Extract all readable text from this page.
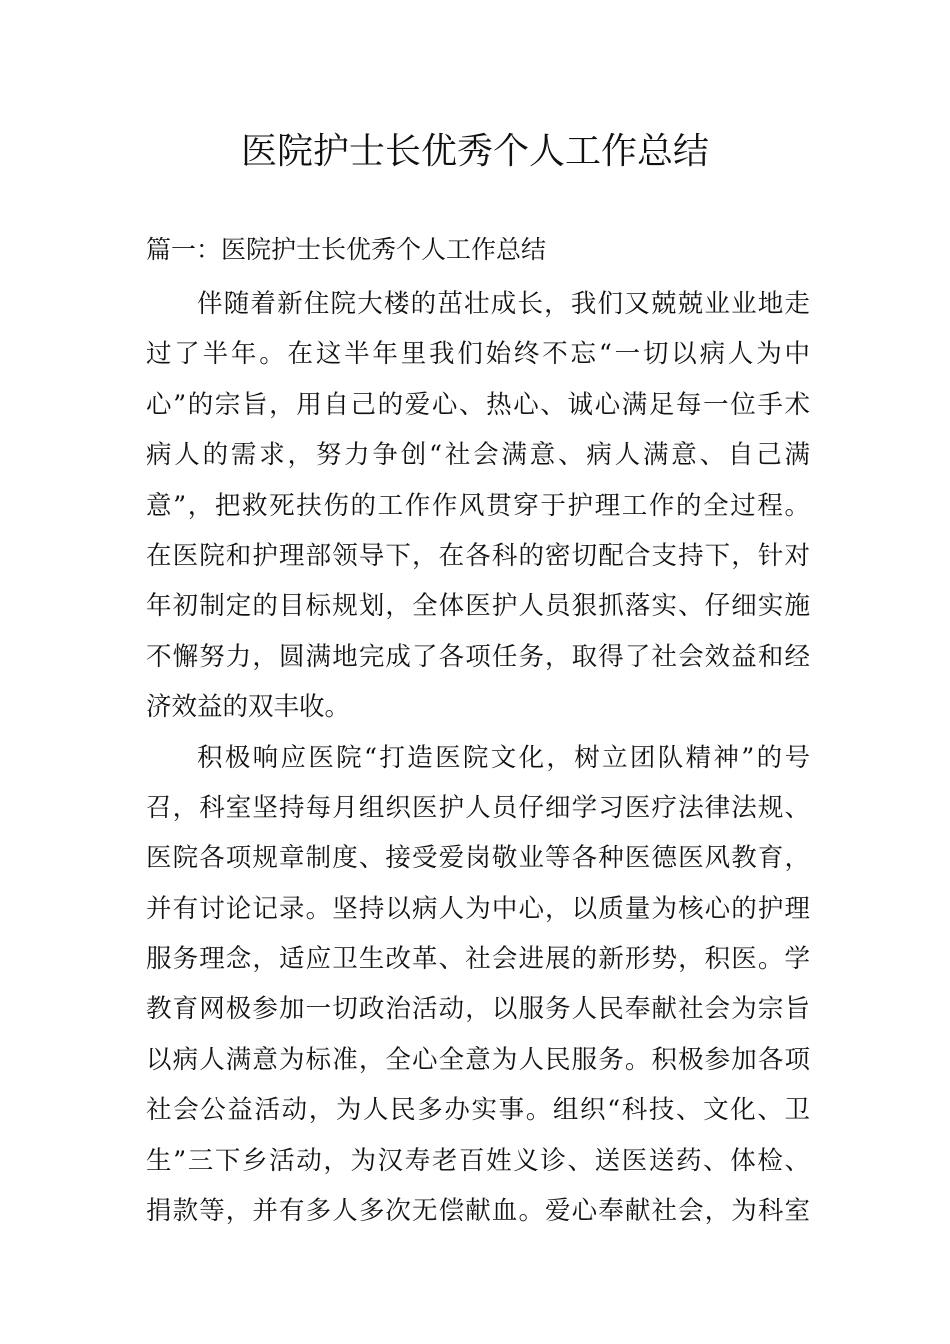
医院护士长优秀个人工作总结

篇一：医院护士长优秀个人工作总结

伴随着新住院大楼的茁壮成长，我们又兢兢业业地走
过了半年。在这半年里我们始终不忘“一切以病人为中
心”的宗旨，用自己的爱心、热心、诚心满足每一位手术
病人的需求，努力争创“社会满意、病人满意、自己满
意”，把救死扶伤的工作作风贯穿于护理工作的全过程。
在医院和护理部领导下，在各科的密切配合支持下，针对
年初制定的目标规划，全体医护人员狠抓落实、仔细实施
不懈努力，圆满地完成了各项任务，取得了社会效益和经
济效益的双丰收。
积极响应医院“打造医院文化，树立团队精神”的号
召，科室坚持每月组织医护人员仔细学习医疗法律法规、
医院各项规章制度、接受爱岗敬业等各种医德医风教育，
并有讨论记录。坚持以病人为中心，以质量为核心的护理
服务理念，适应卫生改革、社会进展的新形势，积医。学
教育网极参加一切政治活动，以服务人民奉献社会为宗旨
以病人满意为标准，全心全意为人民服务。积极参加各项
社会公益活动，为人民多办实事。组织“科技、文化、卫
生”三下乡活动，为汉寿老百姓义诊、送医送药、体检、
捐款等，并有多人多次无偿献血。爱心奉献社会，为科室
